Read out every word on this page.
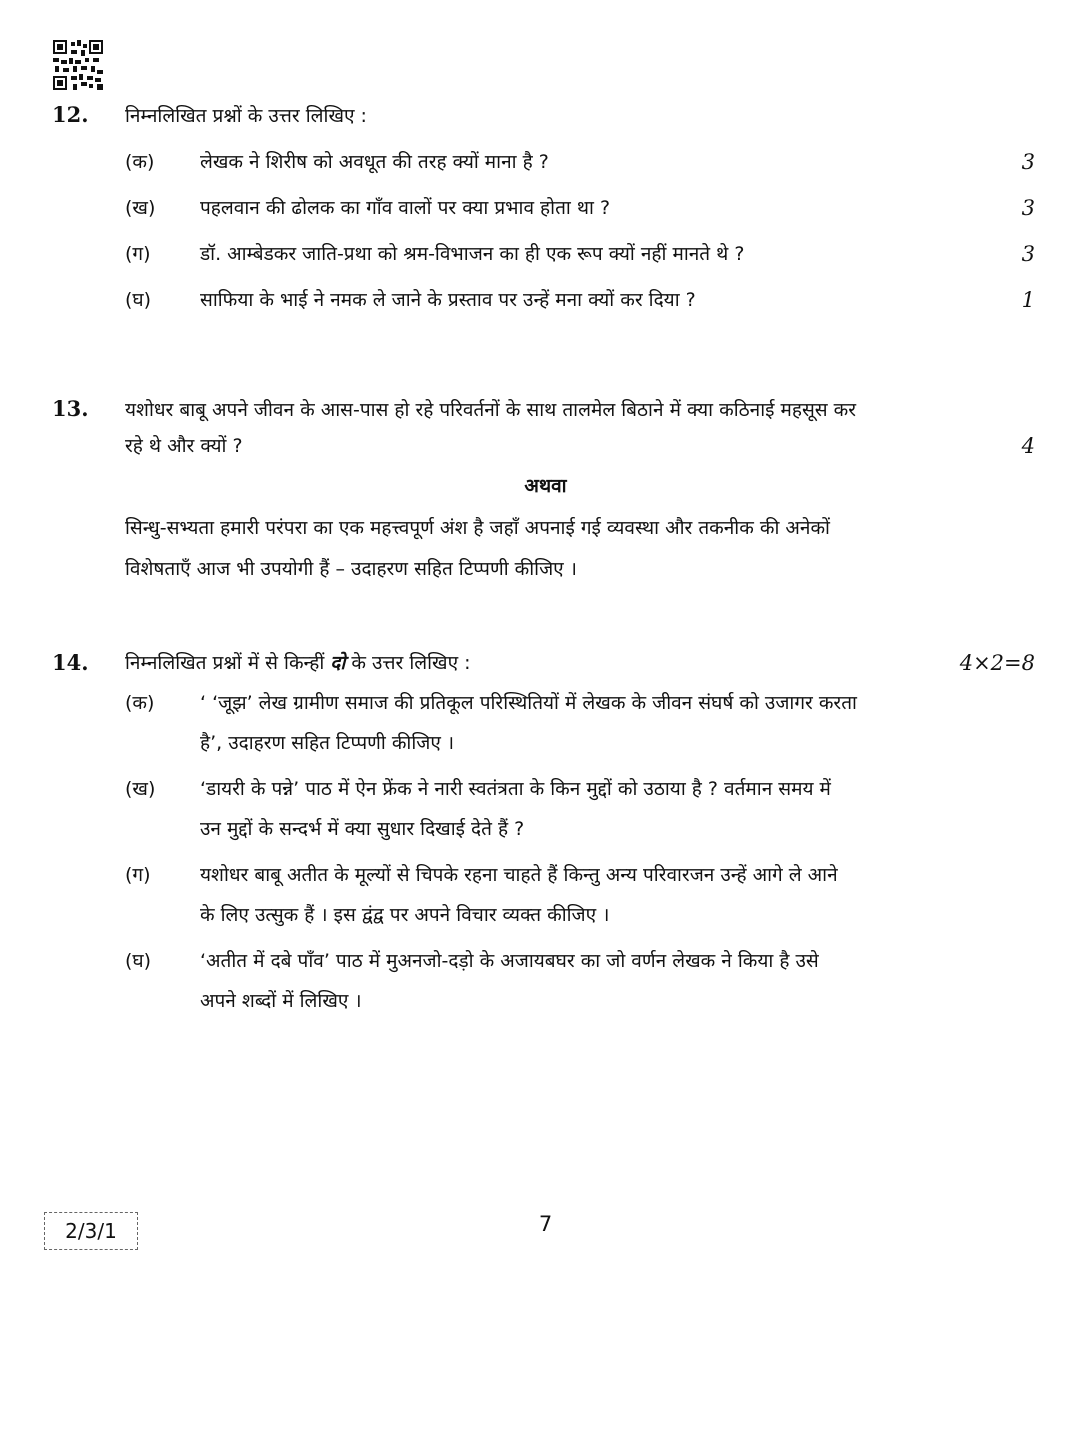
12. निम्नलिखित प्रश्नों के उत्तर लिखिए :
(क) लेखक ने शिरीष को अवधूत की तरह क्यों माना है ?	3
(ख) पहलवान की ढोलक का गाँव वालों पर क्या प्रभाव होता था ?	3
(ग)	डॉ. आम्बेडकर जाति-प्रथा को श्रम-विभाजन का ही एक रूप क्यों नहीं मानते थे ?	3
(घ)	साफिया के भाई ने नमक ले जाने के प्रस्ताव पर उन्हें मना क्यों कर दिया ?	1
13. यशोधर बाबू अपने जीवन के आस-पास हो रहे परिवर्तनों के साथ तालमेल बिठाने में क्या कठिनाई महसूस कर
रहे थे और क्यों ?	4
अथवा
सिन्धु-सभ्यता हमारी परंपरा का एक महत्त्वपूर्ण अंश है जहाँ अपनाई गई व्यवस्था और तकनीक की अनेकों
विशेषताएँ आज भी उपयोगी हैं – उदाहरण सहित टिप्पणी कीजिए ।
14. निम्नलिखित प्रश्नों में से किन्हीं दो के उत्तर लिखिए :	4×2=8
(क) ‘ ‘जूझ’ लेख ग्रामीण समाज की प्रतिकूल परिस्थितियों में लेखक के जीवन संघर्ष को उजागर करता
है’, उदाहरण सहित टिप्पणी कीजिए ।
(ख) ‘डायरी के पन्ने’ पाठ में ऐन फ्रेंक ने नारी स्वतंत्रता के किन मुद्दों को उठाया है ? वर्तमान समय में
उन मुद्दों के सन्दर्भ में क्या सुधार दिखाई देते हैं ?
(ग)	यशोधर बाबू अतीत के मूल्यों से चिपके रहना चाहते हैं किन्तु अन्य परिवारजन उन्हें आगे ले आने
के लिए उत्सुक हैं । इस द्वंद्व पर अपने विचार व्यक्त कीजिए ।
(घ)	‘अतीत में दबे पाँव’ पाठ में मुअनजो-दड़ो के अजायबघर का जो वर्णन लेखक ने किया है उसे
अपने शब्दों में लिखिए ।
2/3/1	7
